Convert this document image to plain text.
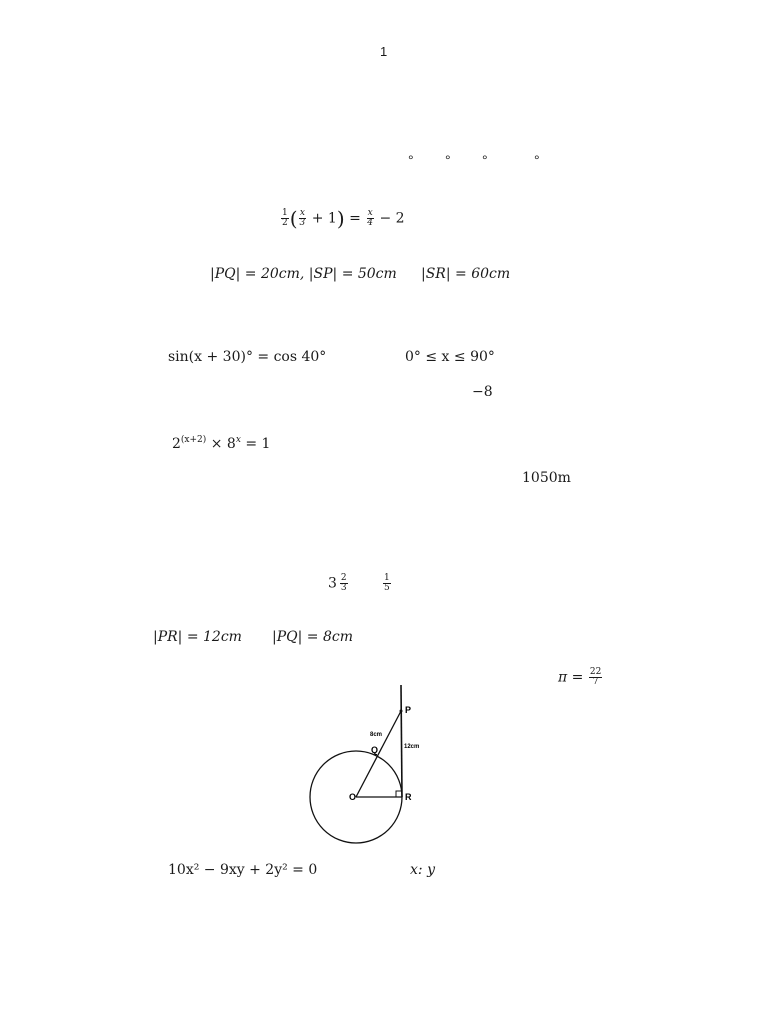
1
° ° °	°
$\frac{1}{2}$ ( $\frac{x}{3} + 1) = \frac{x}{4} - 2$
|PQ| = 20cm, |SP| = 50cm |SR| = 60cm
sin(x + 30)° = cos 40°	0° ≤ x ≤ 90°
−8
$2^{(x+2)} \times 8^x = 1$
1050m
$3 \frac{2}{3}$	$\frac{1}{5}$
|PR| = 12cm |PQ| = 8cm
$\pi = \frac{22}{7}$
P
Q
O	R
8cm
12cm
10x² − 9xy + 2y² = 0	x: y
